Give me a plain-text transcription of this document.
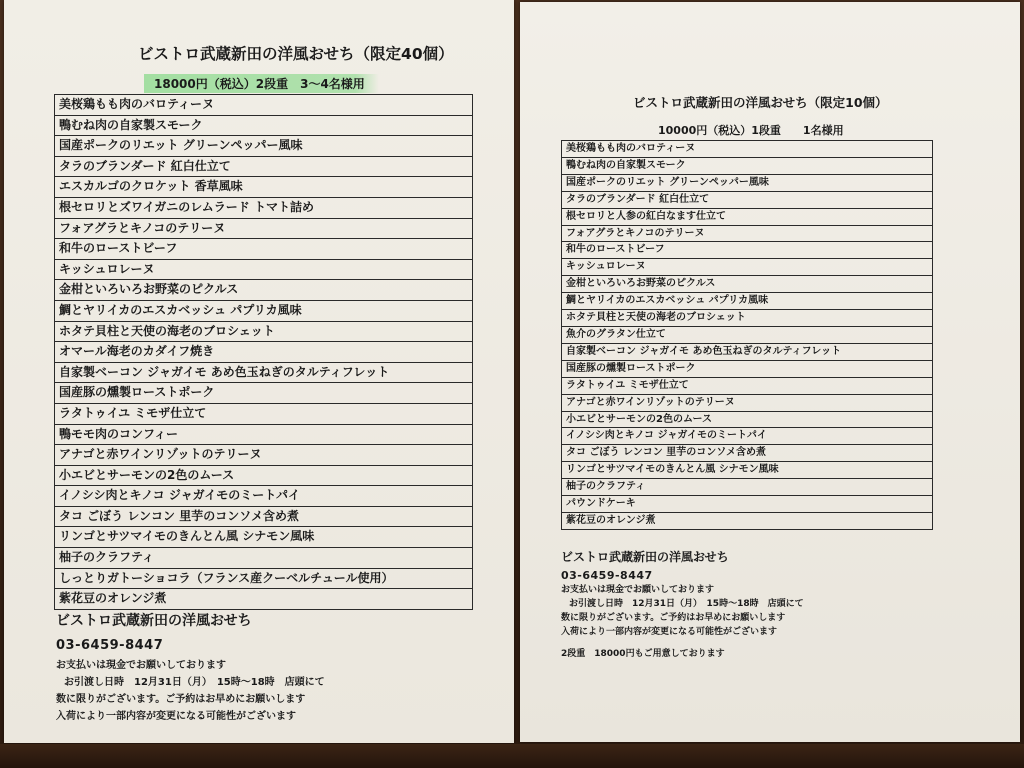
ビストロ武蔵新田の洋風おせち（限定40個）
18000円（税込）2段重　3～4名様用
美桜鶏もも肉のバロティーヌ
鴨むね肉の自家製スモーク
国産ポークのリエット グリーンペッパー風味
タラのブランダード 紅白仕立て
エスカルゴのクロケット 香草風味
根セロリとズワイガニのレムラード トマト詰め
フォアグラとキノコのテリーヌ
和牛のローストビーフ
キッシュロレーヌ
金柑といろいろお野菜のピクルス
鯛とヤリイカのエスカベッシュ パプリカ風味
ホタテ貝柱と天使の海老のブロシェット
オマール海老のカダイフ焼き
自家製ベーコン ジャガイモ あめ色玉ねぎのタルティフレット
国産豚の燻製ローストポーク
ラタトゥイユ ミモザ仕立て
鴨モモ肉のコンフィー
アナゴと赤ワインリゾットのテリーヌ
小エビとサーモンの2色のムース
イノシシ肉とキノコ ジャガイモのミートパイ
タコ ごぼう レンコン 里芋のコンソメ含め煮
リンゴとサツマイモのきんとん風 シナモン風味
柚子のクラフティ
しっとりガトーショコラ（フランス産クーベルチュール使用）
紫花豆のオレンジ煮
ビストロ武蔵新田の洋風おせち
03-6459-8447
お支払いは現金でお願いしております
お引渡し日時　12月31日（月）　15時～18時　店頭にて
数に限りがございます。ご予約はお早めにお願いします
入荷により一部内容が変更になる可能性がございます
ビストロ武蔵新田の洋風おせち（限定10個）
10000円（税込）1段重　　1名様用
美桜鶏もも肉のバロティーヌ
鴨むね肉の自家製スモーク
国産ポークのリエット グリーンペッパー風味
タラのブランダード 紅白仕立て
根セロリと人参の紅白なます仕立て
フォアグラとキノコのテリーヌ
和牛のローストビーフ
キッシュロレーヌ
金柑といろいろお野菜のピクルス
鯛とヤリイカのエスカベッシュ パプリカ風味
ホタテ貝柱と天使の海老のブロシェット
魚介のグラタン仕立て
自家製ベーコン ジャガイモ あめ色玉ねぎのタルティフレット
国産豚の燻製ローストポーク
ラタトゥイユ ミモザ仕立て
アナゴと赤ワインリゾットのテリーヌ
小エビとサーモンの2色のムース
イノシシ肉とキノコ ジャガイモのミートパイ
タコ ごぼう レンコン 里芋のコンソメ含め煮
リンゴとサツマイモのきんとん風 シナモン風味
柚子のクラフティ
パウンドケーキ
紫花豆のオレンジ煮
ビストロ武蔵新田の洋風おせち
03-6459-8447
お支払いは現金でお願いしております
お引渡し日時　12月31日（月）　15時～18時　店頭にて
数に限りがございます。ご予約はお早めにお願いします
入荷により一部内容が変更になる可能性がございます
2段重　18000円もご用意しております
